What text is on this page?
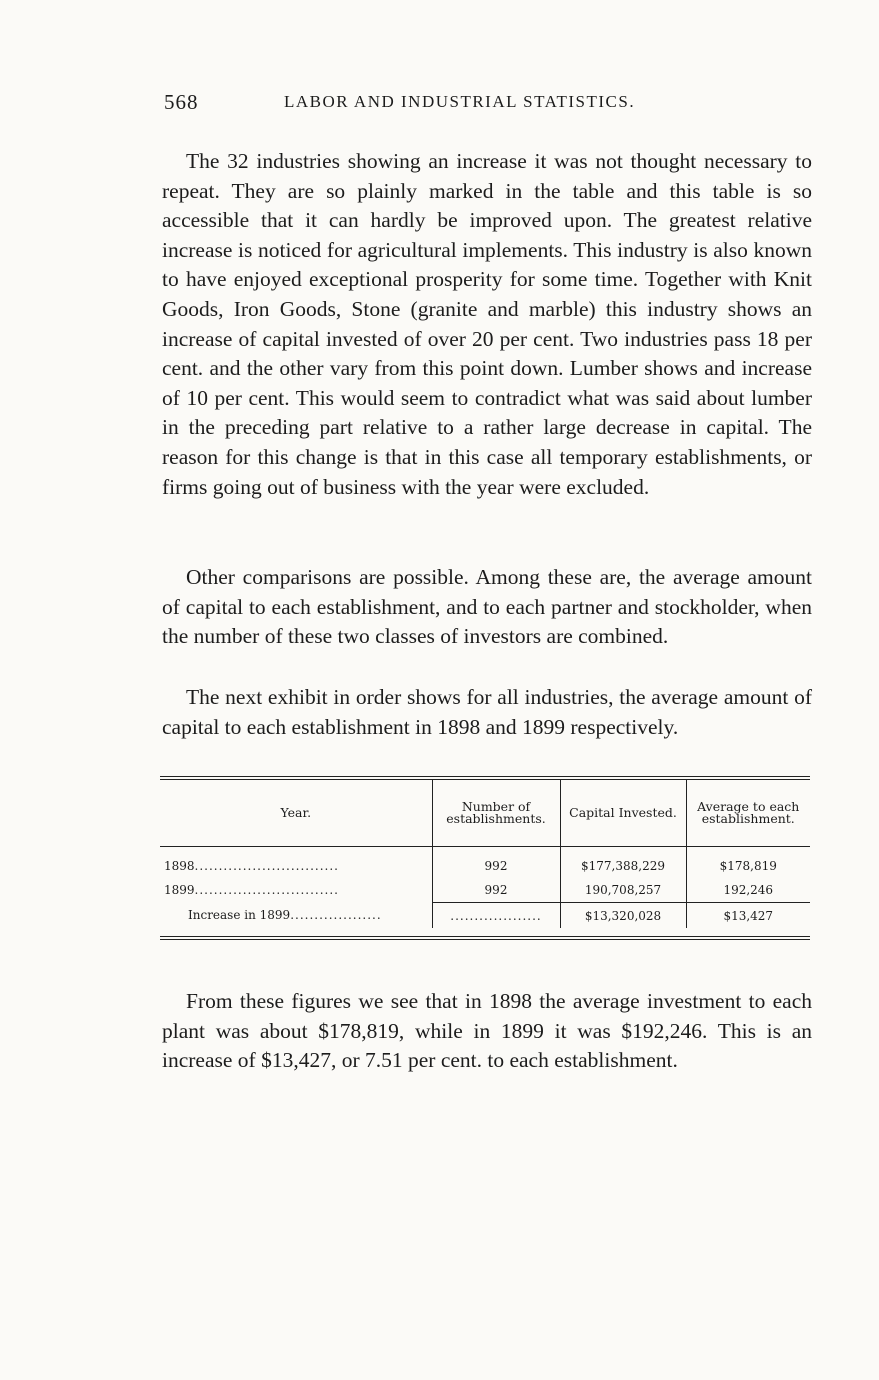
568	LABOR AND INDUSTRIAL STATISTICS.

The 32 industries showing an increase it was not thought necessary to repeat. They are so plainly marked in the table and this table is so accessible that it can hardly be improved upon. The greatest relative increase is noticed for agricultural implements. This industry is also known to have enjoyed exceptional prosperity for some time. Together with Knit Goods, Iron Goods, Stone (granite and marble) this industry shows an increase of capital invested of over 20 per cent. Two industries pass 18 per cent. and the other vary from this point down. Lumber shows and increase of 10 per cent. This would seem to contradict what was said about lumber in the preceding part relative to a rather large decrease in capital. The reason for this change is that in this case all temporary establishments, or firms going out of business with the year were excluded.

Other comparisons are possible. Among these are, the average amount of capital to each establishment, and to each partner and stockholder, when the number of these two classes of investors are combined.

The next exhibit in order shows for all industries, the average amount of capital to each establishment in 1898 and 1899 respectively.

Year.	Number of establishments.	Capital Invested.	Average to each establishment.
1898..............................	992	$177,388,229	$178,819
1899..............................	992	190,708,257	192,246
Increase in 1899...................	...................	$13,320,028	$13,427

From these figures we see that in 1898 the average investment to each plant was about $178,819, while in 1899 it was $192,246. This is an increase of $13,427, or 7.51 per cent. to each establishment.
